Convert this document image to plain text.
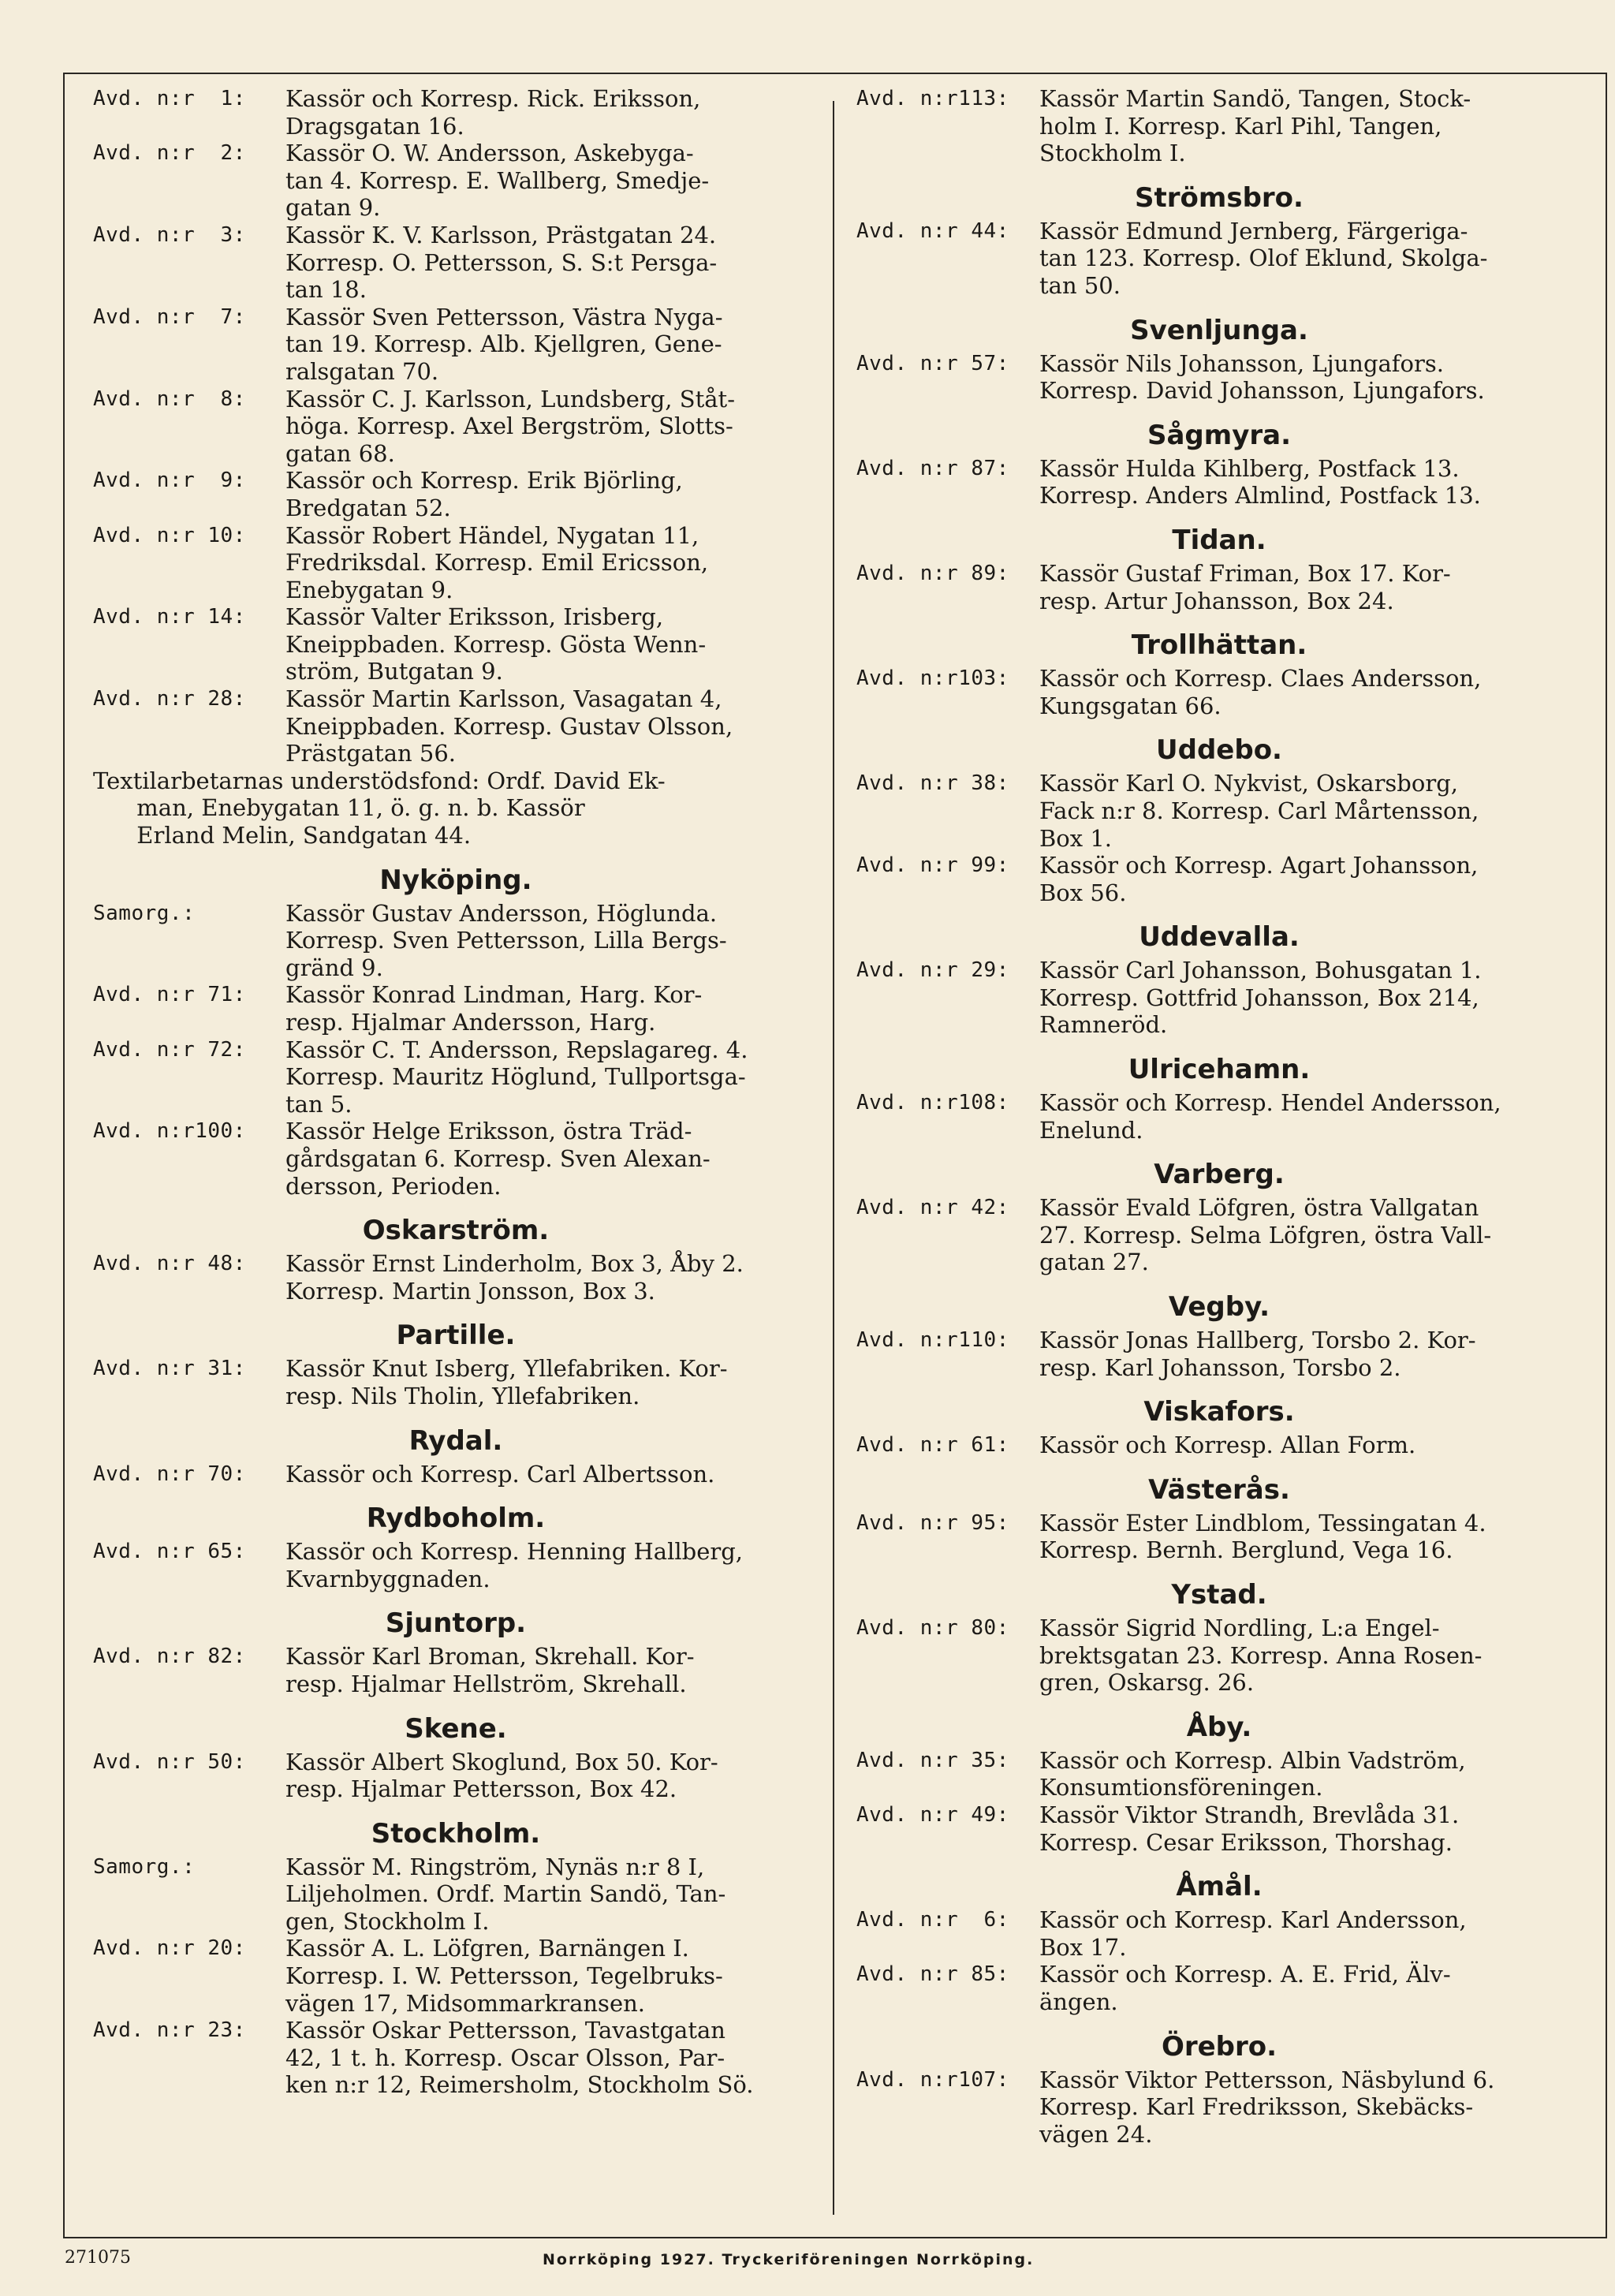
Avd. n:r  1:	Kassör och Korresp. Rick. Eriksson,
Dragsgatan 16.
Avd. n:r  2:	Kassör O. W. Andersson, Askebyga-
tan 4. Korresp. E. Wallberg, Smedje-
gatan 9.
Avd. n:r  3:	Kassör K. V. Karlsson, Prästgatan 24.
Korresp. O. Pettersson, S. S:t Persga-
tan 18.
Avd. n:r  7:	Kassör Sven Pettersson, Västra Nyga-
tan 19. Korresp. Alb. Kjellgren, Gene-
ralsgatan 70.
Avd. n:r  8:	Kassör C. J. Karlsson, Lundsberg, Ståt-
höga. Korresp. Axel Bergström, Slotts-
gatan 68.
Avd. n:r  9:	Kassör och Korresp. Erik Björling,
Bredgatan 52.
Avd. n:r 10:	Kassör Robert Händel, Nygatan 11,
Fredriksdal. Korresp. Emil Ericsson,
Enebygatan 9.
Avd. n:r 14:	Kassör Valter Eriksson, Irisberg,
Kneippbaden. Korresp. Gösta Wenn-
ström, Butgatan 9.
Avd. n:r 28:	Kassör Martin Karlsson, Vasagatan 4,
Kneippbaden. Korresp. Gustav Olsson,
Prästgatan 56.
Textilarbetarnas understödsfond: Ordf. David Ek-
man, Enebygatan 11, ö. g. n. b. Kassör
Erland Melin, Sandgatan 44.
Nyköping.
Samorg.:	Kassör Gustav Andersson, Höglunda.
Korresp. Sven Pettersson, Lilla Bergs-
gränd 9.
Avd. n:r 71:	Kassör Konrad Lindman, Harg. Kor-
resp. Hjalmar Andersson, Harg.
Avd. n:r 72:	Kassör C. T. Andersson, Repslagareg. 4.
Korresp. Mauritz Höglund, Tullportsga-
tan 5.
Avd. n:r100:	Kassör Helge Eriksson, östra Träd-
gårdsgatan 6. Korresp. Sven Alexan-
dersson, Perioden.
Oskarström.
Avd. n:r 48:	Kassör Ernst Linderholm, Box 3, Åby 2.
Korresp. Martin Jonsson, Box 3.
Partille.
Avd. n:r 31:	Kassör Knut Isberg, Yllefabriken. Kor-
resp. Nils Tholin, Yllefabriken.
Rydal.
Avd. n:r 70:	Kassör och Korresp. Carl Albertsson.
Rydboholm.
Avd. n:r 65:	Kassör och Korresp. Henning Hallberg,
Kvarnbyggnaden.
Sjuntorp.
Avd. n:r 82:	Kassör Karl Broman, Skrehall. Kor-
resp. Hjalmar Hellström, Skrehall.
Skene.
Avd. n:r 50:	Kassör Albert Skoglund, Box 50. Kor-
resp. Hjalmar Pettersson, Box 42.
Stockholm.
Samorg.:	Kassör M. Ringström, Nynäs n:r 8 I,
Liljeholmen. Ordf. Martin Sandö, Tan-
gen, Stockholm I.
Avd. n:r 20:	Kassör A. L. Löfgren, Barnängen I.
Korresp. I. W. Pettersson, Tegelbruks-
vägen 17, Midsommarkransen.
Avd. n:r 23:	Kassör Oskar Pettersson, Tavastgatan
42, 1 t. h. Korresp. Oscar Olsson, Par-
ken n:r 12, Reimersholm, Stockholm Sö.
Avd. n:r113:	Kassör Martin Sandö, Tangen, Stock-
holm I. Korresp. Karl Pihl, Tangen,
Stockholm I.
Strömsbro.
Avd. n:r 44:	Kassör Edmund Jernberg, Färgeriga-
tan 123. Korresp. Olof Eklund, Skolga-
tan 50.
Svenljunga.
Avd. n:r 57:	Kassör Nils Johansson, Ljungafors.
Korresp. David Johansson, Ljungafors.
Sågmyra.
Avd. n:r 87:	Kassör Hulda Kihlberg, Postfack 13.
Korresp. Anders Almlind, Postfack 13.
Tidan.
Avd. n:r 89:	Kassör Gustaf Friman, Box 17. Kor-
resp. Artur Johansson, Box 24.
Trollhättan.
Avd. n:r103:	Kassör och Korresp. Claes Andersson,
Kungsgatan 66.
Uddebo.
Avd. n:r 38:	Kassör Karl O. Nykvist, Oskarsborg,
Fack n:r 8. Korresp. Carl Mårtensson,
Box 1.
Avd. n:r 99:	Kassör och Korresp. Agart Johansson,
Box 56.
Uddevalla.
Avd. n:r 29:	Kassör Carl Johansson, Bohusgatan 1.
Korresp. Gottfrid Johansson, Box 214,
Ramneröd.
Ulricehamn.
Avd. n:r108:	Kassör och Korresp. Hendel Andersson,
Enelund.
Varberg.
Avd. n:r 42:	Kassör Evald Löfgren, östra Vallgatan
27. Korresp. Selma Löfgren, östra Vall-
gatan 27.
Vegby.
Avd. n:r110:	Kassör Jonas Hallberg, Torsbo 2. Kor-
resp. Karl Johansson, Torsbo 2.
Viskafors.
Avd. n:r 61:	Kassör och Korresp. Allan Form.
Västerås.
Avd. n:r 95:	Kassör Ester Lindblom, Tessingatan 4.
Korresp. Bernh. Berglund, Vega 16.
Ystad.
Avd. n:r 80:	Kassör Sigrid Nordling, L:a Engel-
brektsgatan 23. Korresp. Anna Rosen-
gren, Oskarsg. 26.
Åby.
Avd. n:r 35:	Kassör och Korresp. Albin Vadström,
Konsumtionsföreningen.
Avd. n:r 49:	Kassör Viktor Strandh, Brevlåda 31.
Korresp. Cesar Eriksson, Thorshag.
Åmål.
Avd. n:r  6:	Kassör och Korresp. Karl Andersson,
Box 17.
Avd. n:r 85:	Kassör och Korresp. A. E. Frid, Älv-
ängen.
Örebro.
Avd. n:r107:	Kassör Viktor Pettersson, Näsbylund 6.
Korresp. Karl Fredriksson, Skebäcks-
vägen 24.
271075	Norrköping 1927. Tryckeriföreningen Norrköping.
